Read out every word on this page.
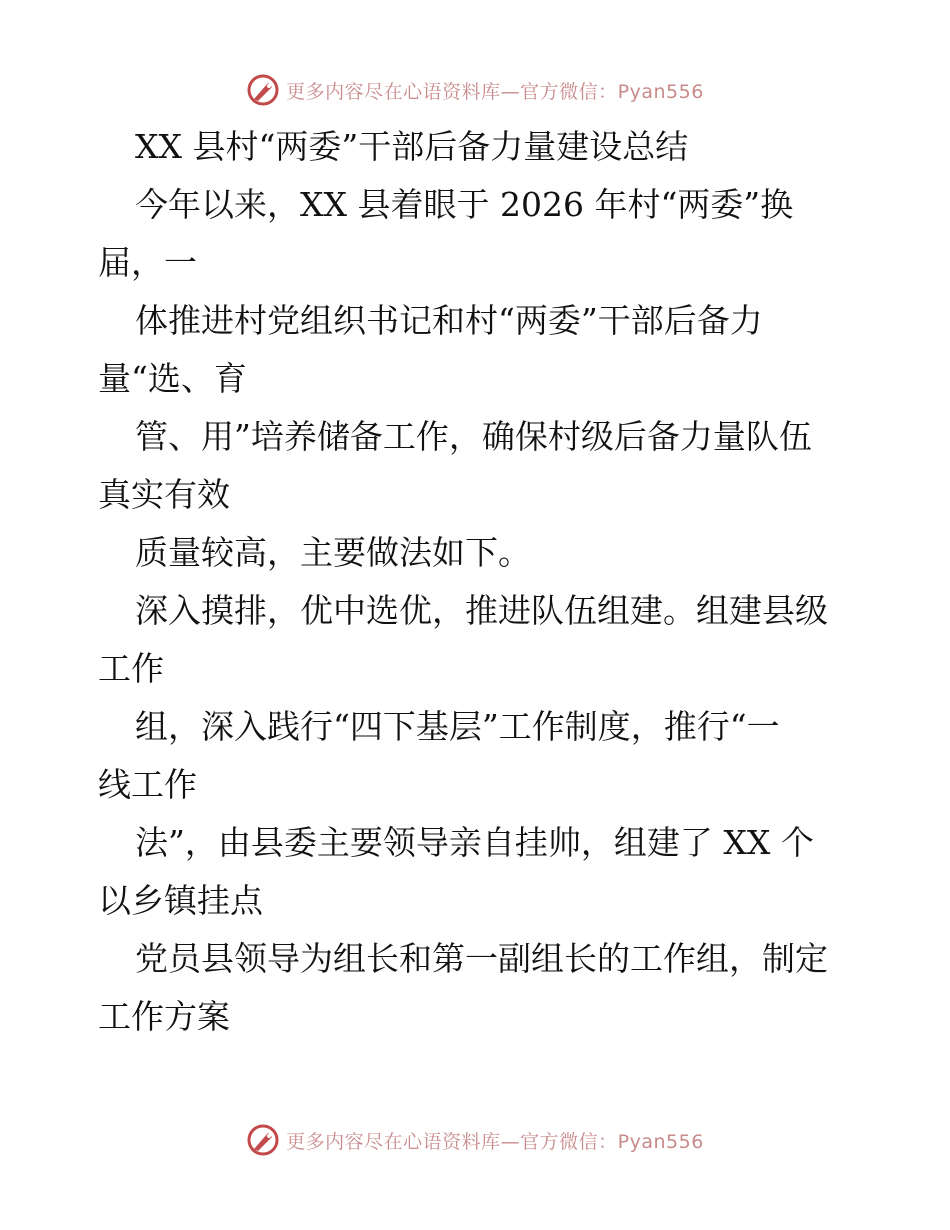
更多内容尽在心语资料库—官方微信：Pyan556
XX 县村“两委”干部后备力量建设总结
今年以来，XX 县着眼于 2026 年村“两委”换
届，一
体推进村党组织书记和村“两委”干部后备力
量“选、育
管、用”培养储备工作，确保村级后备力量队伍
真实有效
质量较高，主要做法如下。
深入摸排，优中选优，推进队伍组建。组建县级
工作
组，深入践行“四下基层”工作制度，推行“一
线工作
法”，由县委主要领导亲自挂帅，组建了 XX 个
以乡镇挂点
党员县领导为组长和第一副组长的工作组，制定
工作方案
更多内容尽在心语资料库—官方微信：Pyan556
